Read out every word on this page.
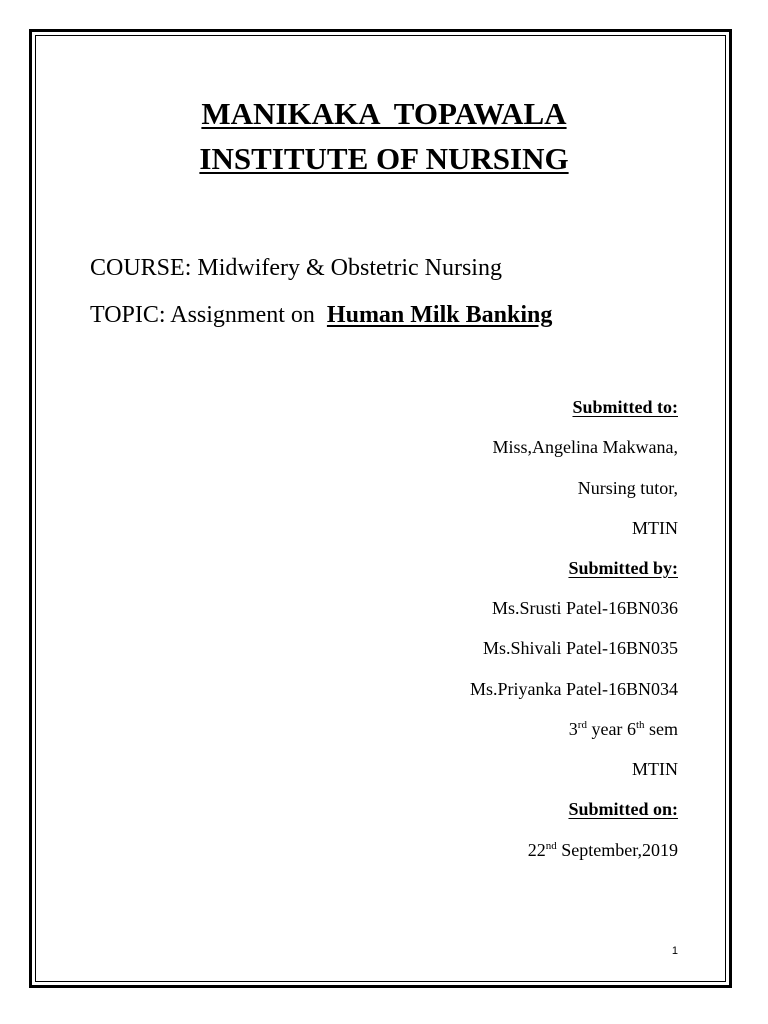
MANIKAKA  TOPAWALA
INSTITUTE OF NURSING
COURSE: Midwifery & Obstetric Nursing
TOPIC: Assignment on  Human Milk Banking
Submitted to:
Miss,Angelina Makwana,
Nursing tutor,
MTIN
Submitted by:
Ms.Srusti Patel-16BN036
Ms.Shivali Patel-16BN035
Ms.Priyanka Patel-16BN034
3rd year 6th sem
MTIN
Submitted on:
22nd September,2019
1
